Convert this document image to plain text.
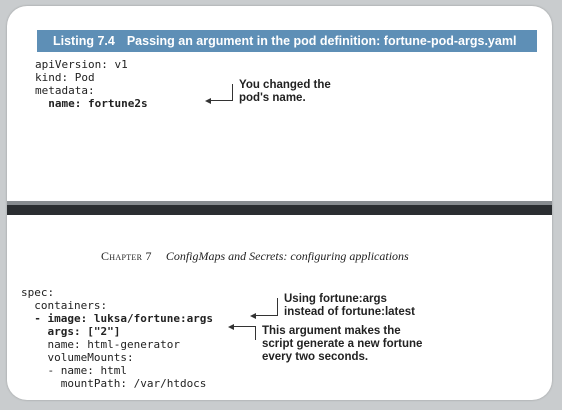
Listing 7.4 Passing an argument in the pod definition: fortune-pod-args.yaml
apiVersion: v1
kind: Pod
metadata:
name: fortune2s
You changed the
pod's name.
Chapter 7 ConfigMaps and Secrets: configuring applications
spec:
containers:
- image: luksa/fortune:args
args: ["2"]
name: html-generator
volumeMounts:
- name: html
mountPath: /var/htdocs
Using fortune:args
instead of fortune:latest
This argument makes the
script generate a new fortune
every two seconds.
